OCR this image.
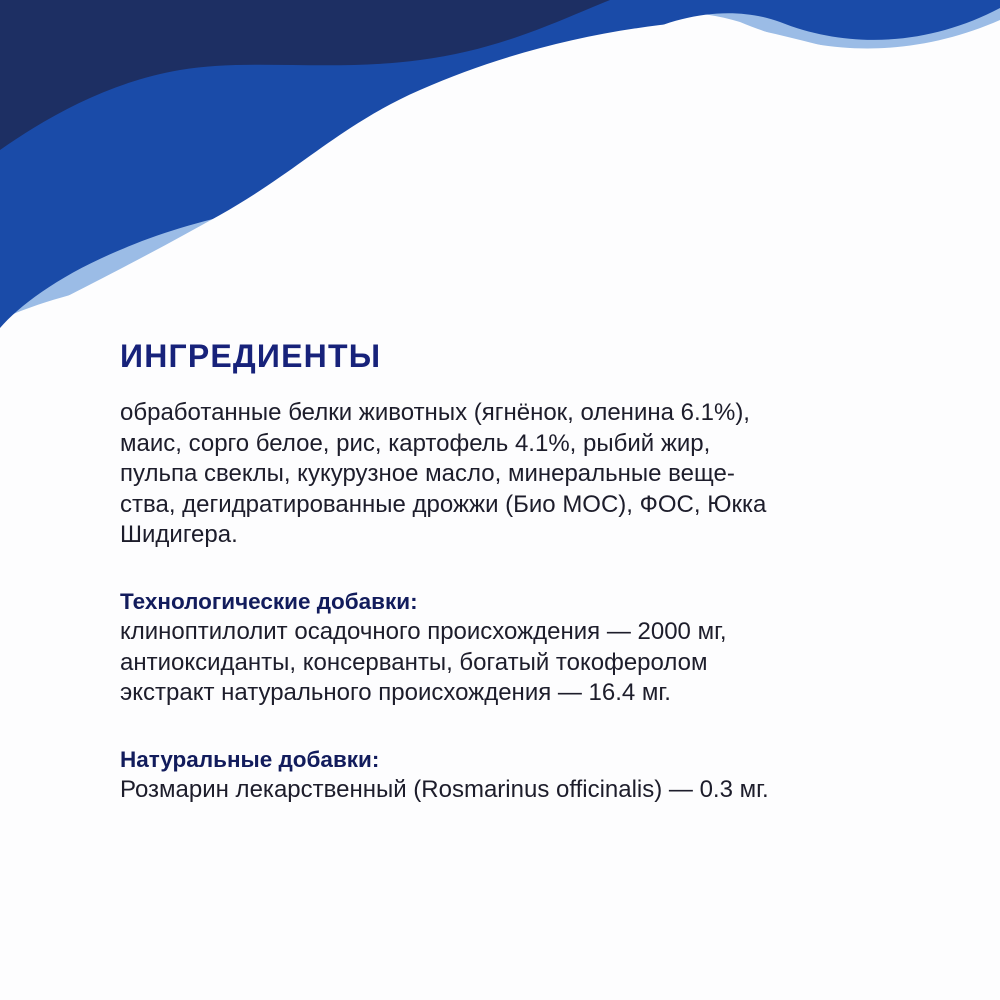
ИНГРЕДИЕНТЫ

обработанные белки животных (ягнёнок, оленина 6.1%),
маис, сорго белое, рис, картофель 4.1%, рыбий жир,
пульпа свеклы, кукурузное масло, минеральные веще-
ства, дегидратированные дрожжи (Био МОС), ФОС, Юкка
Шидигера.

Технологические добавки:

клиноптилолит осадочного происхождения — 2000 мг,
антиоксиданты, консерванты, богатый токоферолом
экстракт натурального происхождения — 16.4 мг.

Натуральные добавки:

Розмарин лекарственный (Rosmarinus officinalis) — 0.3 мг.
